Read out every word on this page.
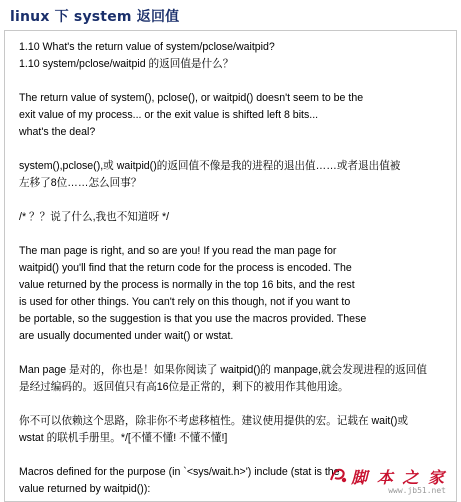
linux 下 system 返回值
1.10 What's the return value of system/pclose/waitpid?
1.10 system/pclose/waitpid 的返回值是什么？
The return value of system(), pclose(), or waitpid() doesn't seem to be the
exit value of my process... or the exit value is shifted left 8 bits...
what's the deal?
system(),pclose(),或 waitpid()的返回值不像是我的进程的退出值……或者退出值被
左移了8位……怎么回事？
/* ？？说了什么,我也不知道呀 */
The man page is right, and so are you! If you read the man page for
waitpid() you'll find that the return code for the process is encoded. The
value returned by the process is normally in the top 16 bits, and the rest
is used for other things. You can't rely on this though, not if you want to
be portable, so the suggestion is that you use the macros provided. These
are usually documented under wait() or wstat.
Man page 是对的，你也是！如果你阅读了 waitpid()的 manpage,就会发现进程的返回值
是经过编码的。返回值只有高16位是正常的，剩下的被用作其他用途。
你不可以依赖这个思路，除非你不考虑移植性。建议使用提供的宏。记载在 wait()或
wstat 的联机手册里。*/[不懂不懂! 不懂不懂!]
Macros defined for the purpose (in `<sys/wait.h>') include (stat is the
value returned by waitpid()):
脚 本 之 家
www.jb51.net
